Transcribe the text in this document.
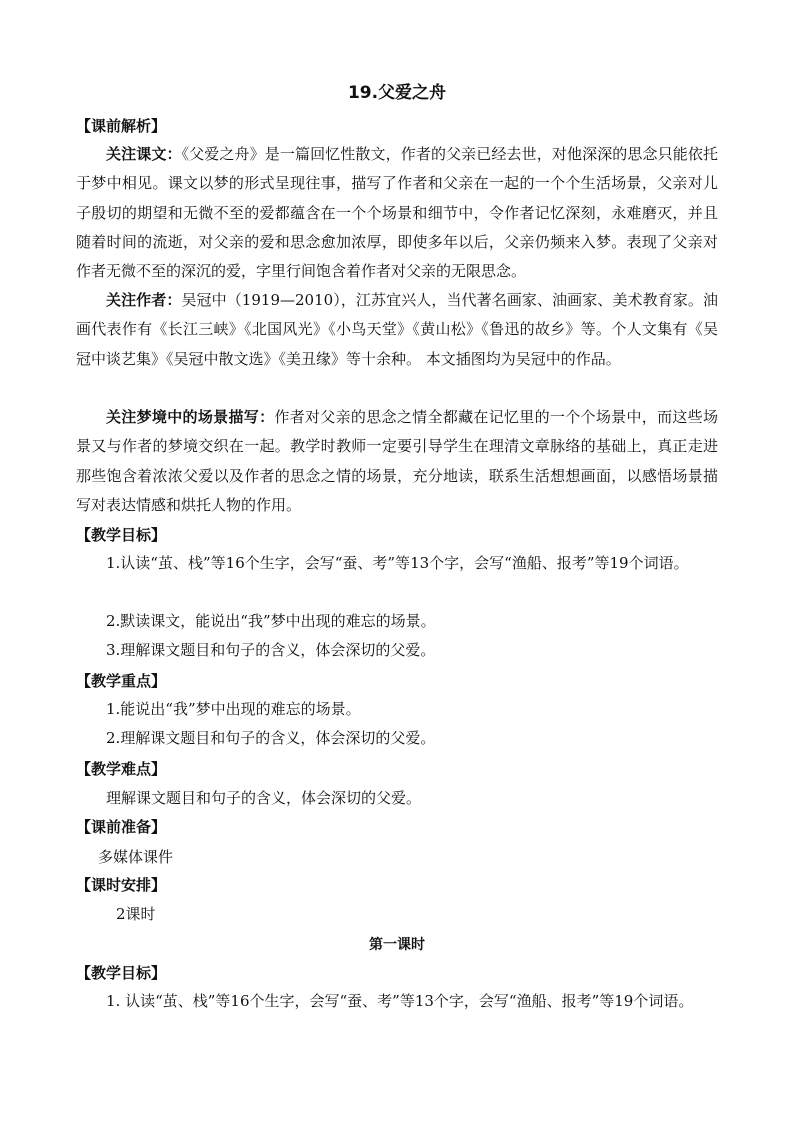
19.父爱之舟
【课前解析】

关注课文：《父爱之舟》是一篇回忆性散文，作者的父亲已经去世，对他深深的思念只能依托于梦中相见。课文以梦的形式呈现往事，描写了作者和父亲在一起的一个个生活场景，父亲对儿子殷切的期望和无微不至的爱都蕴含在一个个场景和细节中，令作者记忆深刻，永难磨灭，并且随着时间的流逝，对父亲的爱和思念愈加浓厚，即使多年以后，父亲仍频来入梦。表现了父亲对作者无微不至的深沉的爱，字里行间饱含着作者对父亲的无限思念。

关注作者：吴冠中（1919—2010），江苏宜兴人，当代著名画家、油画家、美术教育家。油画代表作有《长江三峡》《北国风光》《小鸟天堂》《黄山松》《鲁迅的故乡》等。个人文集有《吴冠中谈艺集》《吴冠中散文选》《美丑缘》等十余种。 本文插图均为吴冠中的作品。

关注梦境中的场景描写：作者对父亲的思念之情全都藏在记忆里的一个个场景中，而这些场景又与作者的梦境交织在一起。教学时教师一定要引导学生在理清文章脉络的基础上，真正走进那些饱含着浓浓父爱以及作者的思念之情的场景，充分地读，联系生活想想画面，以感悟场景描写对表达情感和烘托人物的作用。

【教学目标】

1.认读“茧、栈”等16个生字，会写“蚕、考”等13个字，会写“渔船、报考”等19个词语。

2.默读课文，能说出“我”梦中出现的难忘的场景。

3.理解课文题目和句子的含义，体会深切的父爱。

【教学重点】

1.能说出“我”梦中出现的难忘的场景。

2.理解课文题目和句子的含义，体会深切的父爱。

【教学难点】

理解课文题目和句子的含义，体会深切的父爱。

【课前准备】

多媒体课件

【课时安排】

2课时

第一课时
【教学目标】

1. 认读“茧、栈”等16个生字，会写“蚕、考”等13个字，会写“渔船、报考”等19个词语。
